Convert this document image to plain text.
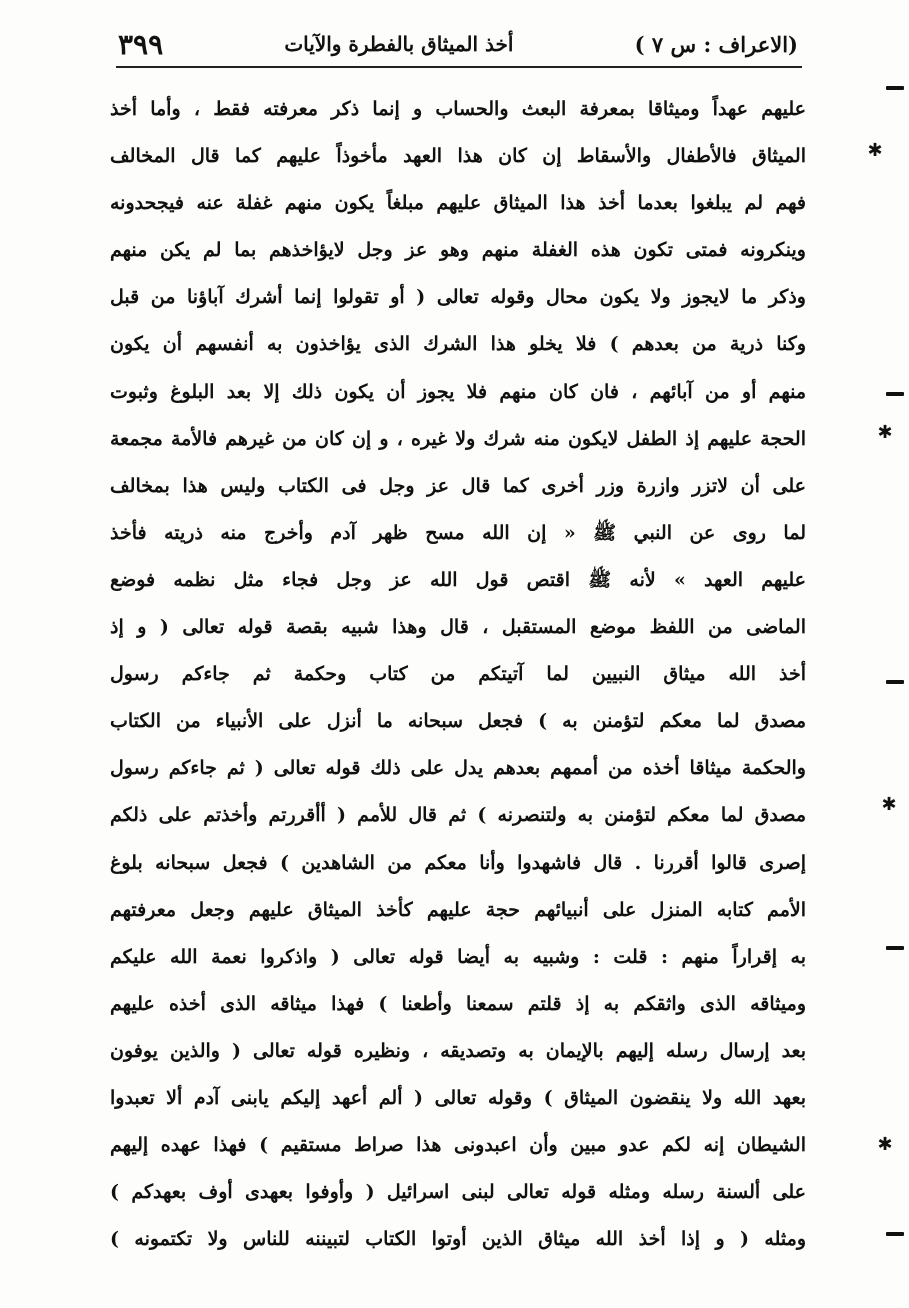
(الاعراف : س ٧ )
أخذ الميثاق بالفطرة والآيات
٣٩٩
عليهم عهداً وميثاقا بمعرفة البعث والحساب و إنما ذكر معرفته فقط ، وأما أخذ
الميثاق فالأطفال والأسقاط إن كان هذا العهد مأخوذاً عليهم كما قال المخالف
فهم لم يبلغوا بعدما أخذ هذا الميثاق عليهم مبلغاً يكون منهم غفلة عنه فيجحدونه
وينكرونه فمتى تكون هذه الغفلة منهم وهو عز وجل لايؤاخذهم بما لم يكن منهم
وذكر ما لايجوز ولا يكون محال وقوله تعالى ( أو تقولوا إنما أشرك آباؤنا من قبل
وكنا ذرية من بعدهم ) فلا يخلو هذا الشرك الذى يؤاخذون به أنفسهم أن يكون
منهم أو من آبائهم ، فان كان منهم فلا يجوز أن يكون ذلك إلا بعد البلوغ وثبوت
الحجة عليهم إذ الطفل لايكون منه شرك ولا غيره ، و إن كان من غيرهم فالأمة مجمعة
على أن لاتزر وازرة وزر أخرى كما قال عز وجل فى الكتاب وليس هذا بمخالف
لما روى عن النبي ﷺ « إن الله مسح ظهر آدم وأخرج منه ذريته فأخذ
عليهم العهد » لأنه ﷺ اقتص قول الله عز وجل فجاء مثل نظمه فوضع
الماضى من اللفظ موضع المستقبل ، قال وهذا شبيه بقصة قوله تعالى ( و إذ
أخذ الله ميثاق النبيين لما آتيتكم من كتاب وحكمة ثم جاءكم رسول
مصدق لما معكم لتؤمنن به ) فجعل سبحانه ما أنزل على الأنبياء من الكتاب
والحكمة ميثاقا أخذه من أممهم بعدهم يدل على ذلك قوله تعالى ( ثم جاءكم رسول
مصدق لما معكم لتؤمنن به ولتنصرنه ) ثم قال للأمم ( أأقررتم وأخذتم على ذلكم
إصرى قالوا أقررنا . قال فاشهدوا وأنا معكم من الشاهدين ) فجعل سبحانه بلوغ
الأمم كتابه المنزل على أنبيائهم حجة عليهم كأخذ الميثاق عليهم وجعل معرفتهم
به إقراراً منهم : قلت : وشبيه به أيضا قوله تعالى ( واذكروا نعمة الله عليكم
وميثاقه الذى واثقكم به إذ قلتم سمعنا وأطعنا ) فهذا ميثاقه الذى أخذه عليهم
بعد إرسال رسله إليهم بالإيمان به وتصديقه ، ونظيره قوله تعالى ( والذين يوفون
بعهد الله ولا ينقضون الميثاق ) وقوله تعالى ( ألم أعهد إليكم يابنى آدم ألا تعبدوا
الشيطان إنه لكم عدو مبين وأن اعبدونى هذا صراط مستقيم ) فهذا عهده إليهم
على ألسنة رسله ومثله قوله تعالى لبنى اسرائيل ( وأوفوا بعهدى أوف بعهدكم )
ومثله ( و إذا أخذ الله ميثاق الذين أوتوا الكتاب لتبيننه للناس ولا تكتمونه )
✱
✱
✱
✱
